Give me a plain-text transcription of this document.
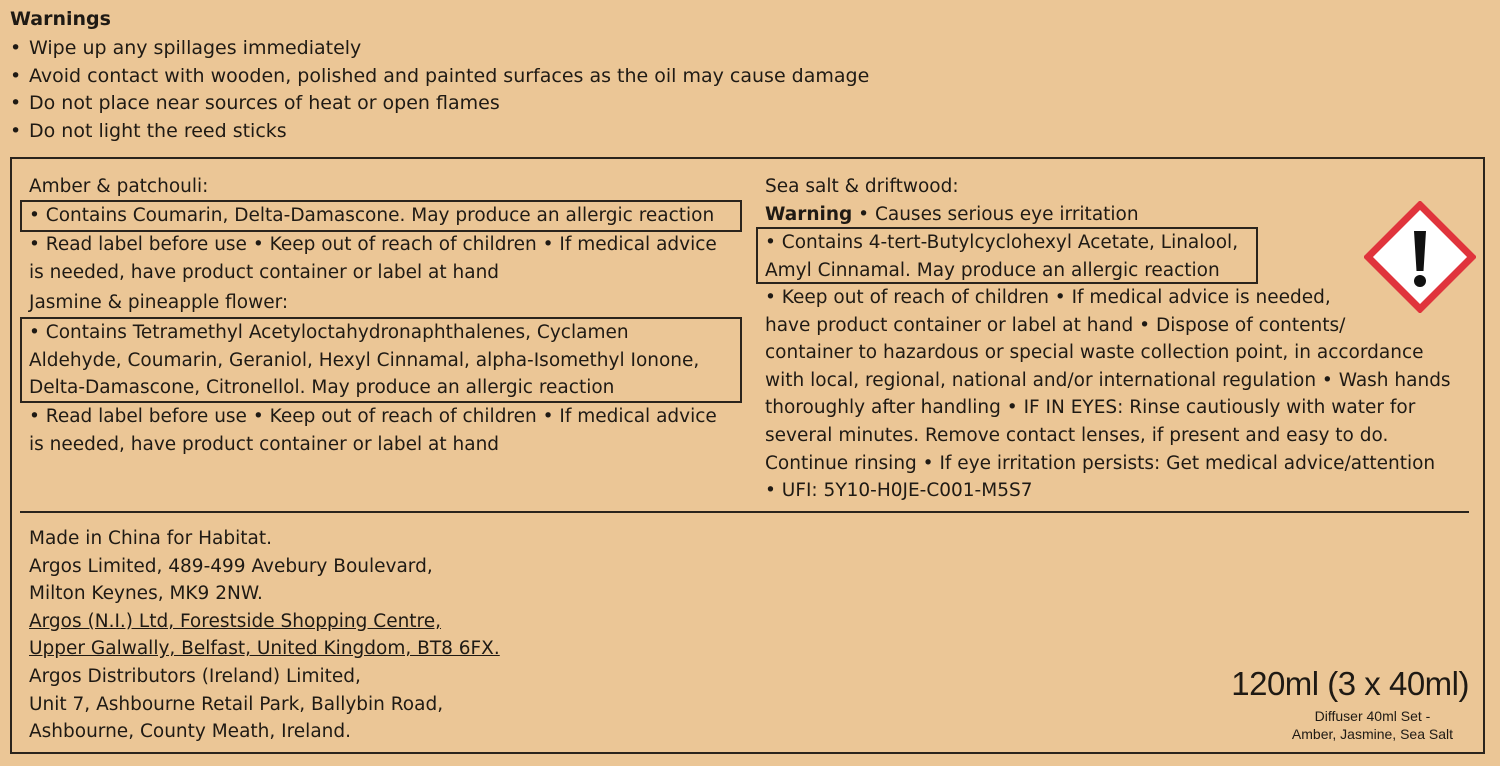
Warnings
• Wipe up any spillages immediately
• Avoid contact with wooden, polished and painted surfaces as the oil may cause damage
• Do not place near sources of heat or open flames
• Do not light the reed sticks
Amber & patchouli:
• Contains Coumarin, Delta-Damascone. May produce an allergic reaction
• Read label before use • Keep out of reach of children • If medical advice
is needed, have product container or label at hand
Jasmine & pineapple flower:
• Contains Tetramethyl Acetyloctahydronaphthalenes, Cyclamen
Aldehyde, Coumarin, Geraniol, Hexyl Cinnamal, alpha-Isomethyl Ionone,
Delta-Damascone, Citronellol. May produce an allergic reaction
• Read label before use • Keep out of reach of children • If medical advice
is needed, have product container or label at hand
Sea salt & driftwood:
Warning • Causes serious eye irritation
• Contains 4-tert-Butylcyclohexyl Acetate, Linalool,
Amyl Cinnamal. May produce an allergic reaction
• Keep out of reach of children • If medical advice is needed,
have product container or label at hand • Dispose of contents/
container to hazardous or special waste collection point, in accordance
with local, regional, national and/or international regulation • Wash hands
thoroughly after handling • IF IN EYES: Rinse cautiously with water for
several minutes. Remove contact lenses, if present and easy to do.
Continue rinsing • If eye irritation persists: Get medical advice/attention
• UFI: 5Y10-H0JE-C001-M5S7
Made in China for Habitat.
Argos Limited, 489-499 Avebury Boulevard,
Milton Keynes, MK9 2NW.
Argos (N.I.) Ltd, Forestside Shopping Centre,
Upper Galwally, Belfast, United Kingdom, BT8 6FX.
Argos Distributors (Ireland) Limited,
Unit 7, Ashbourne Retail Park, Ballybin Road,
Ashbourne, County Meath, Ireland.
120ml (3 x 40ml)
Diffuser 40ml Set -
Amber, Jasmine, Sea Salt
